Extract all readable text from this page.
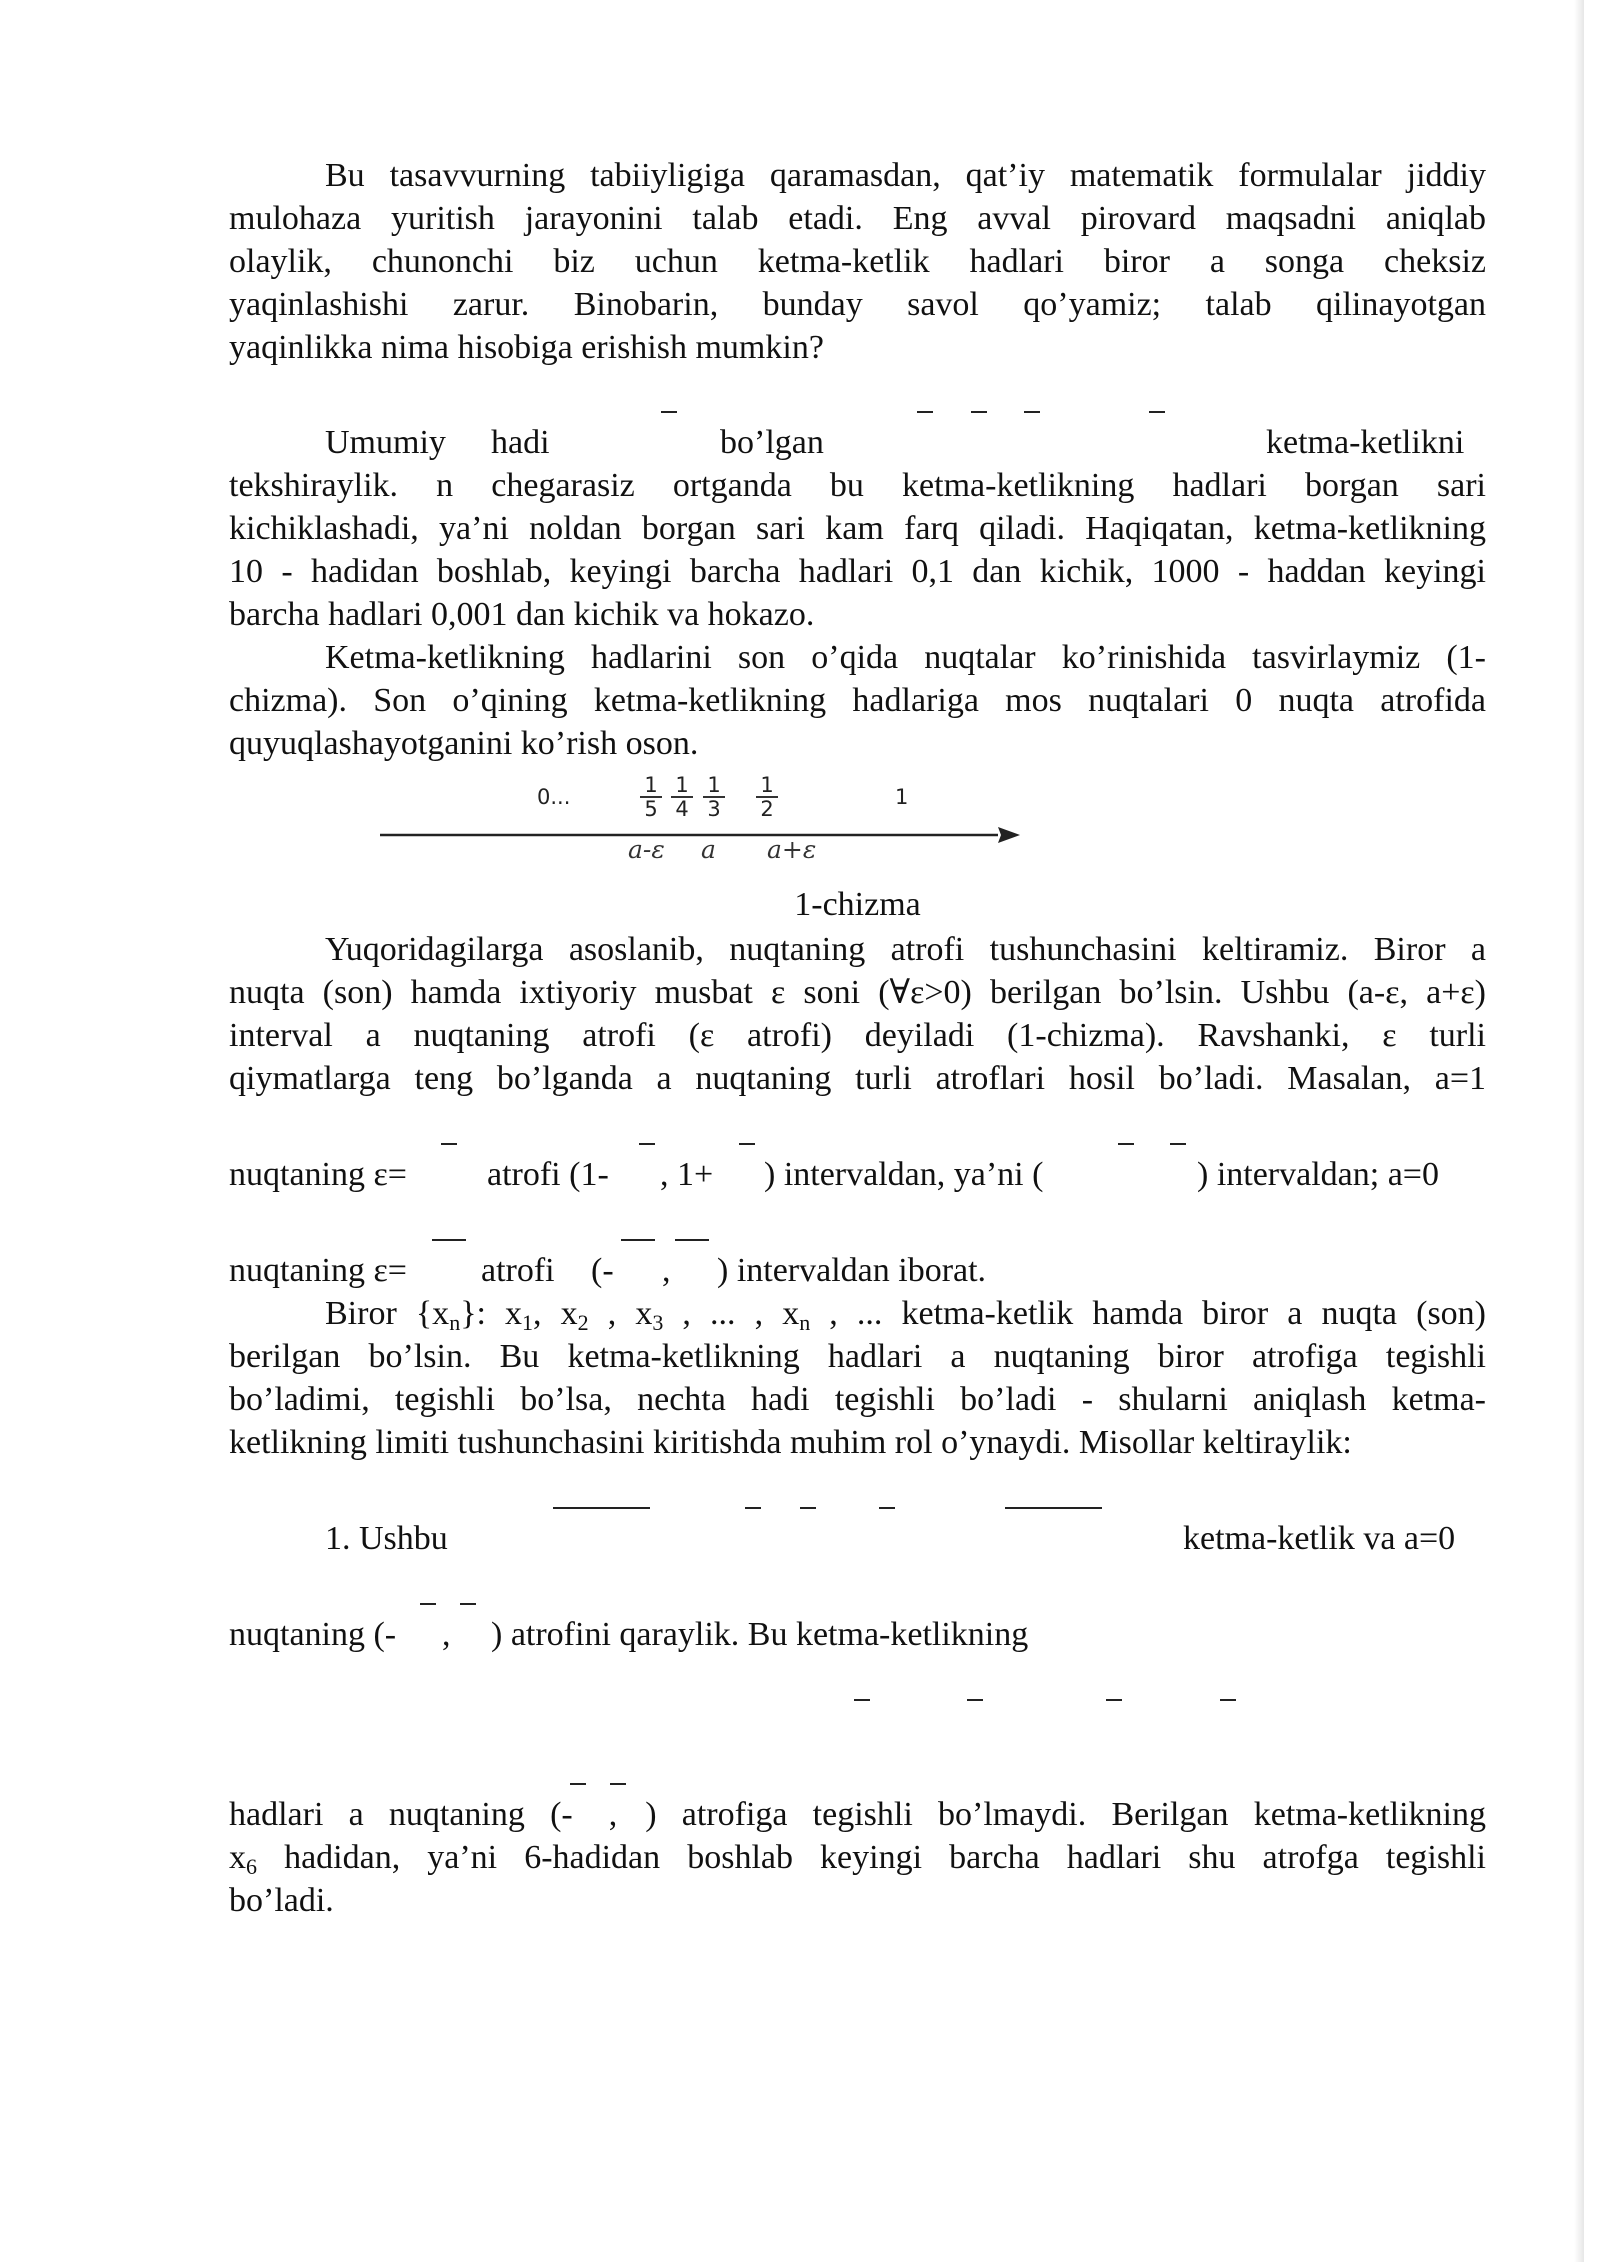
Bu tasavvurning tabiiyligiga qaramasdan, qat’iy matematik formulalar jiddiy

mulohaza yuritish jarayonini talab etadi. Eng avval pirovard maqsadni aniqlab

olaylik, chunonchi biz uchun ketma-ketlik hadlari biror a songa cheksiz

yaqinlashishi zarur. Binobarin, bunday savol qo’yamiz; talab qilinayotgan

yaqinlikka nima hisobiga erishish mumkin?

Umumiy hadi	bo’lgan	ketma-ketlikni

tekshiraylik. n chegarasiz ortganda bu ketma-ketlikning hadlari borgan sari

kichiklashadi, ya’ni noldan borgan sari kam farq qiladi. Haqiqatan, ketma-ketlikning

10 - hadidan boshlab, keyingi barcha hadlari 0,1 dan kichik, 1000 - haddan keyingi

barcha hadlari 0,001 dan kichik va hokazo.

Ketma-ketlikning hadlarini son o’qida nuqtalar ko’rinishida tasvirlaymiz (1-

chizma). Son o’qining ketma-ketlikning hadlariga mos nuqtalari 0 nuqta atrofida

quyuqlashayotganini ko’rish oson.

0...	$\frac{1}{5} \frac{1}{4} \frac{1}{3} \frac{1}{2}$	1
a-ε a a+ε
1-chizma

Yuqoridagilarga asoslanib, nuqtaning atrofi tushunchasini keltiramiz. Biror a

nuqta (son) hamda ixtiyoriy musbat ε soni (∀ε>0) berilgan bo’lsin. Ushbu (a-ε, a+ε)

interval a nuqtaning atrofi (ε atrofi) deyiladi (1-chizma). Ravshanki, ε turli

qiymatlarga teng bo’lganda a nuqtaning turli atroflari hosil bo’ladi. Masalan, a=1

nuqtaning ε= atrofi (1- , 1+ ) intervaldan, ya’ni (	) intervaldan; a=0
nuqtaning ε= atrofi (- , ) intervaldan iborat.

Biror $\{x_n\}$: $x_1$, $x_2$ , $x_3$ , ... , $x_n$ , ... ketma-ketlik hamda biror a nuqta (son)

berilgan bo’lsin. Bu ketma-ketlikning hadlari a nuqtaning biror atrofiga tegishli

bo’ladimi, tegishli bo’lsa, nechta hadi tegishli bo’ladi - shularni aniqlash ketma-

ketlikning limiti tushunchasini kiritishda muhim rol o’ynaydi. Misollar keltiraylik:

1. Ushbu	ketma-ketlik va a=0
nuqtaning (- , ) atrofini qaraylik. Bu ketma-ketlikning

hadlari a nuqtaning (- , ) atrofiga tegishli bo’lmaydi. Berilgan ketma-ketlikning

$x_6$ hadidan, ya’ni 6-hadidan boshlab keyingi barcha hadlari shu atrofga tegishli

bo’ladi.
